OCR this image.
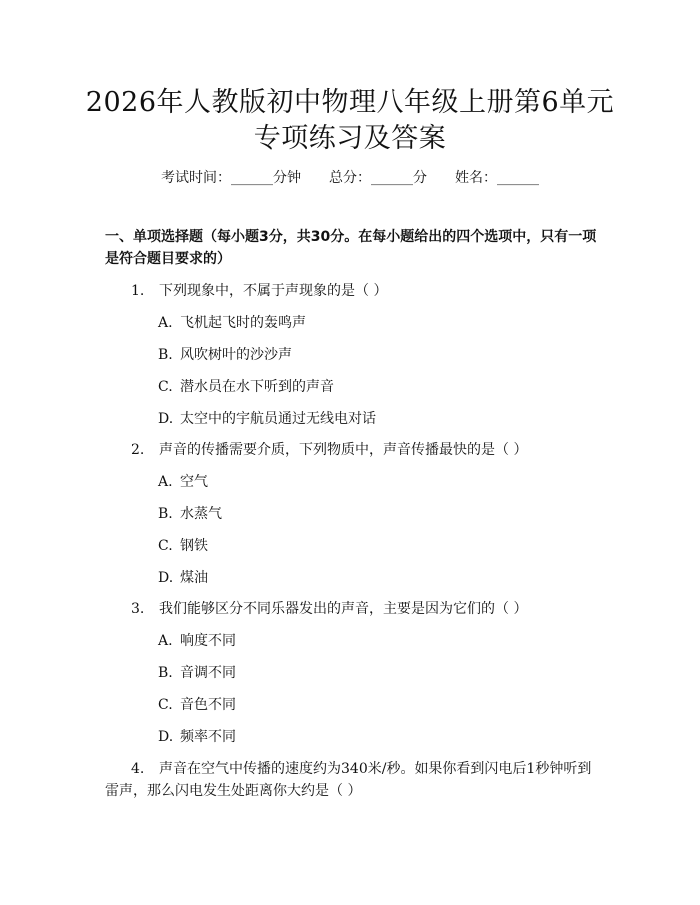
2026年人教版初中物理八年级上册第6单元
专项练习及答案
考试时间：______分钟 总分：______分 姓名：______
一、单项选择题（每小题3分，共30分。在每小题给出的四个选项中，只有一项是符合题目要求的）
1. 下列现象中，不属于声现象的是（ ）
A. 飞机起飞时的轰鸣声
B. 风吹树叶的沙沙声
C. 潜水员在水下听到的声音
D. 太空中的宇航员通过无线电对话
2. 声音的传播需要介质，下列物质中，声音传播最快的是（ ）
A. 空气
B. 水蒸气
C. 钢铁
D. 煤油
3. 我们能够区分不同乐器发出的声音，主要是因为它们的（ ）
A. 响度不同
B. 音调不同
C. 音色不同
D. 频率不同
4. 声音在空气中传播的速度约为340米/秒。如果你看到闪电后1秒钟听到雷声，那么闪电发生处距离你大约是（ ）
